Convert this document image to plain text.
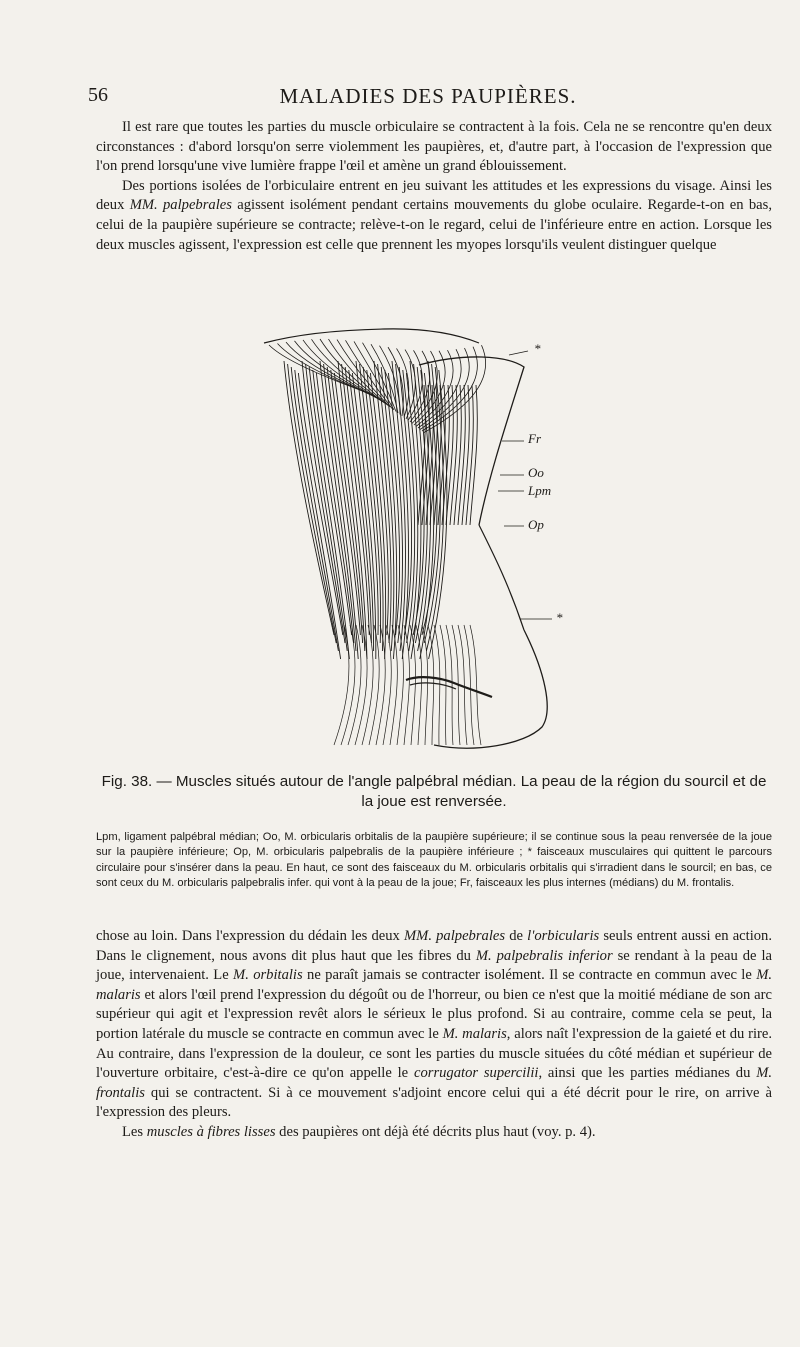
56	MALADIES DES PAUPIÈRES.

Il est rare que toutes les parties du muscle orbiculaire se contractent à la fois. Cela ne se rencontre qu'en deux circonstances : d'abord lorsqu'on serre violemment les paupières, et, d'autre part, à l'occasion de l'expression que l'on prend lorsqu'une vive lumière frappe l'œil et amène un grand éblouissement.

Des portions isolées de l'orbiculaire entrent en jeu suivant les attitudes et les expressions du visage. Ainsi les deux MM. palpebrales agissent isolément pendant certains mouvements du globe oculaire. Regarde-t-on en bas, celui de la paupière supérieure se contracte; relève-t-on le regard, celui de l'inférieure entre en action. Lorsque les deux muscles agissent, l'expression est celle que prennent les myopes lorsqu'ils veulent distinguer quelque

*
Fr
Oo
Lpm
Op
*
Fig. 38. — Muscles situés autour de l'angle palpébral médian. La peau de la région du sourcil et de la joue est renversée.
Lpm, ligament palpébral médian; Oo, M. orbicularis orbitalis de la paupière supérieure; il se continue sous la peau renversée de la joue sur la paupière inférieure; Op, M. orbicularis palpebralis de la paupière inférieure ; * faisceaux musculaires qui quittent le parcours circulaire pour s'insérer dans la peau. En haut, ce sont des faisceaux du M. orbicularis orbitalis qui s'irradient dans le sourcil; en bas, ce sont ceux du M. orbicularis palpebralis infer. qui vont à la peau de la joue; Fr, faisceaux les plus internes (médians) du M. frontalis.

chose au loin. Dans l'expression du dédain les deux MM. palpebrales de l'orbicularis seuls entrent aussi en action. Dans le clignement, nous avons dit plus haut que les fibres du M. palpebralis inferior se rendant à la peau de la joue, intervenaient. Le M. orbitalis ne paraît jamais se contracter isolément. Il se contracte en commun avec le M. malaris et alors l'œil prend l'expression du dégoût ou de l'horreur, ou bien ce n'est que la moitié médiane de son arc supérieur qui agit et l'expression revêt alors le sérieux le plus profond. Si au contraire, comme cela se peut, la portion latérale du muscle se contracte en commun avec le M. malaris, alors naît l'expression de la gaieté et du rire. Au contraire, dans l'expression de la douleur, ce sont les parties du muscle situées du côté médian et supérieur de l'ouverture orbitaire, c'est-à-dire ce qu'on appelle le corrugator supercilii, ainsi que les parties médianes du M. frontalis qui se contractent. Si à ce mouvement s'adjoint encore celui qui a été décrit pour le rire, on arrive à l'expression des pleurs.

Les muscles à fibres lisses des paupières ont déjà été décrits plus haut (voy. p. 4).
